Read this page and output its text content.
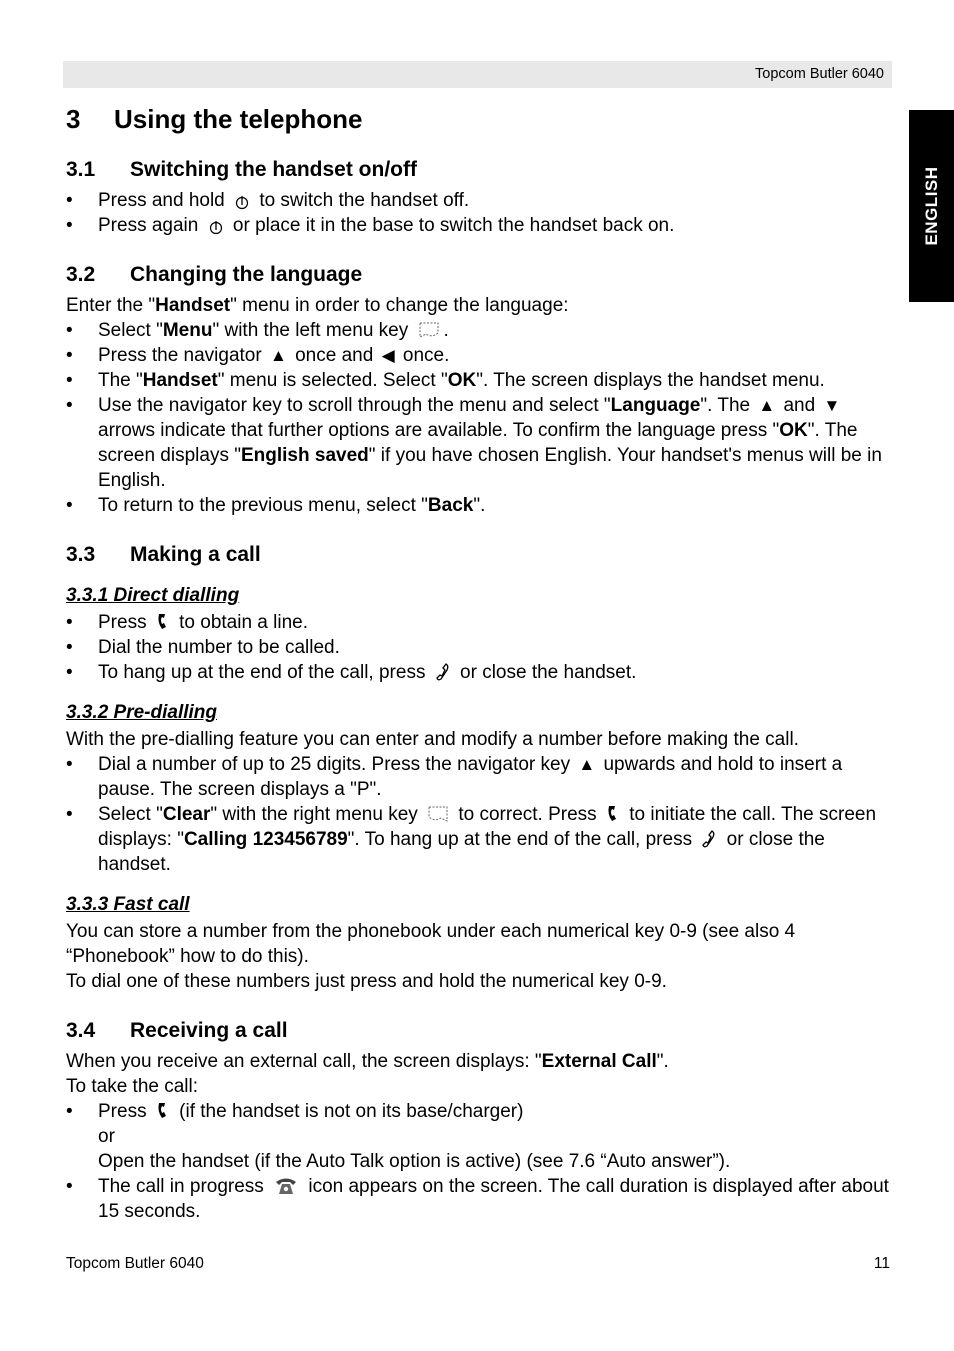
Topcom Butler 6040
ENGLISH
3 Using the telephone
3.1 Switching the handset on/off
• Press and hold to switch the handset off.
• Press again or place it in the base to switch the handset back on.
3.2 Changing the language

Enter the "Handset" menu in order to change the language:

• Select "Menu" with the left menu key .
• Press the navigator ▲ once and ◀ once.
• The "Handset" menu is selected. Select "OK". The screen displays the handset menu.
• Use the navigator key to scroll through the menu and select "Language". The ▲ and ▼ arrows indicate that further options are available. To confirm the language press "OK". The screen displays "English saved" if you have chosen English. Your handset's menus will be in English.
• To return to the previous menu, select "Back".
3.3 Making a call
3.3.1 Direct dialling
• Press to obtain a line.
• Dial the number to be called.
• To hang up at the end of the call, press or close the handset.
3.3.2 Pre-dialling

With the pre-dialling feature you can enter and modify a number before making the call.

• Dial a number of up to 25 digits. Press the navigator key ▲ upwards and hold to insert a pause. The screen displays a "P".
• Select "Clear" with the right menu key to correct. Press to initiate the call. The screen displays: "Calling 123456789". To hang up at the end of the call, press or close the handset.
3.3.3 Fast call

You can store a number from the phonebook under each numerical key 0-9 (see also 4 “Phonebook” how to do this).

To dial one of these numbers just press and hold the numerical key 0-9.

3.4 Receiving a call

When you receive an external call, the screen displays: "External Call".

To take the call:

• Press (if the handset is not on its base/charger)
or
Open the handset (if the Auto Talk option is active) (see 7.6 “Auto answer”).
• The call in progress icon appears on the screen. The call duration is displayed after about 15 seconds.
Topcom Butler 6040	11
